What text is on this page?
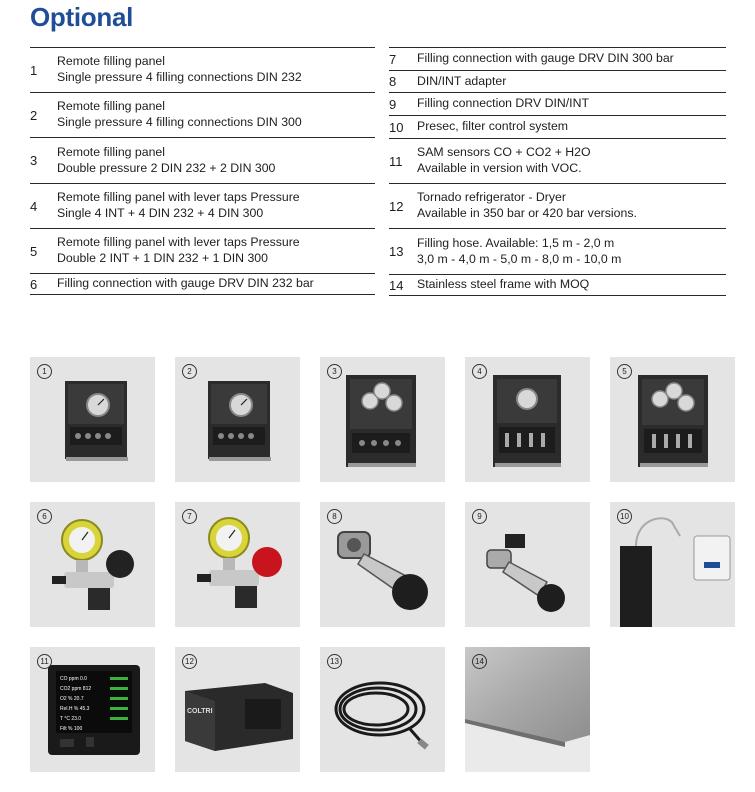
Optional
1
Remote filling panel
Single pressure 4 filling connections DIN 232
2
Remote filling panel
Single pressure 4 filling connections DIN 300
3
Remote filling panel
Double pressure 2 DIN 232 + 2 DIN 300
4
Remote filling panel with lever taps Pressure
Single 4 INT + 4 DIN 232 + 4 DIN 300
5
Remote filling panel with lever taps Pressure
Double 2 INT + 1 DIN 232 + 1 DIN 300
6	Filling connection with gauge DRV DIN 232 bar
7	Filling connection with gauge DRV DIN 300 bar
8	DIN/INT adapter
9	Filling connection DRV DIN/INT
10	Presec, filter control system
11
SAM sensors CO + CO2 + H2O
Available in version with VOC.
12
Tornado refrigerator - Dryer
Available in 350 bar or 420 bar versions.
13
Filling hose. Available: 1,5 m - 2,0 m
3,0 m - 4,0 m - 5,0 m - 8,0 m - 10,0 m
14	Stainless steel frame with MOQ
1	2	3	4	5
6	7	8	9	10
CO ppm 0.0
CO2 ppm 812
O2 % 20.7
Rel.H % 45.3
T °C 23.0
Filt % 100
11
COLTRI
12	13	14
